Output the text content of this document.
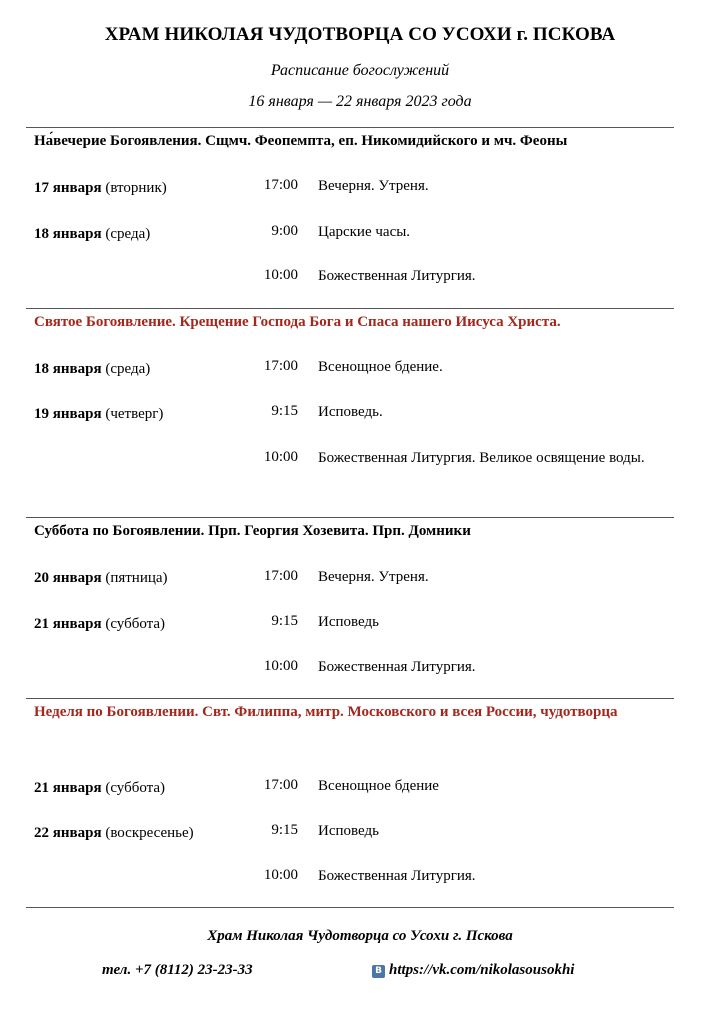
ХРАМ НИКОЛАЯ ЧУДОТВОРЦА СО УСОХИ г. ПСКОВА
Расписание богослужений
16 января — 22 января 2023 года
На́вечерие Богоявления. Сщмч. Феопемпта, еп. Никомидийского и мч. Феоны
17 января (вторник)
18 января (среда)
17:00 Вечерня. Утреня.
9:00 Царские часы.
10:00 Божественная Литургия.
Святое Богоявление. Крещение Господа Бога и Спаса нашего Иисуса Христа.
18 января (среда)
19 января (четверг)
17:00 Всенощное бдение.
9:15 Исповедь.
10:00 Божественная Литургия. Великое освящение воды.
Суббота по Богоявлении. Прп. Георгия Хозевита. Прп. Домники
20 января (пятница)
21 января (суббота)
17:00 Вечерня. Утреня.
9:15 Исповедь
10:00 Божественная Литургия.
Неделя по Богоявлении. Свт. Филиппа, митр. Московского и всея России, чудотворца
21 января (суббота)
22 января (воскресенье)
17:00 Всенощное бдение
9:15 Исповедь
10:00 Божественная Литургия.
Храм Николая Чудотворца со Усохи г. Пскова
тел. +7 (8112) 23-23-33	B https://vk.com/nikolasousokhi
